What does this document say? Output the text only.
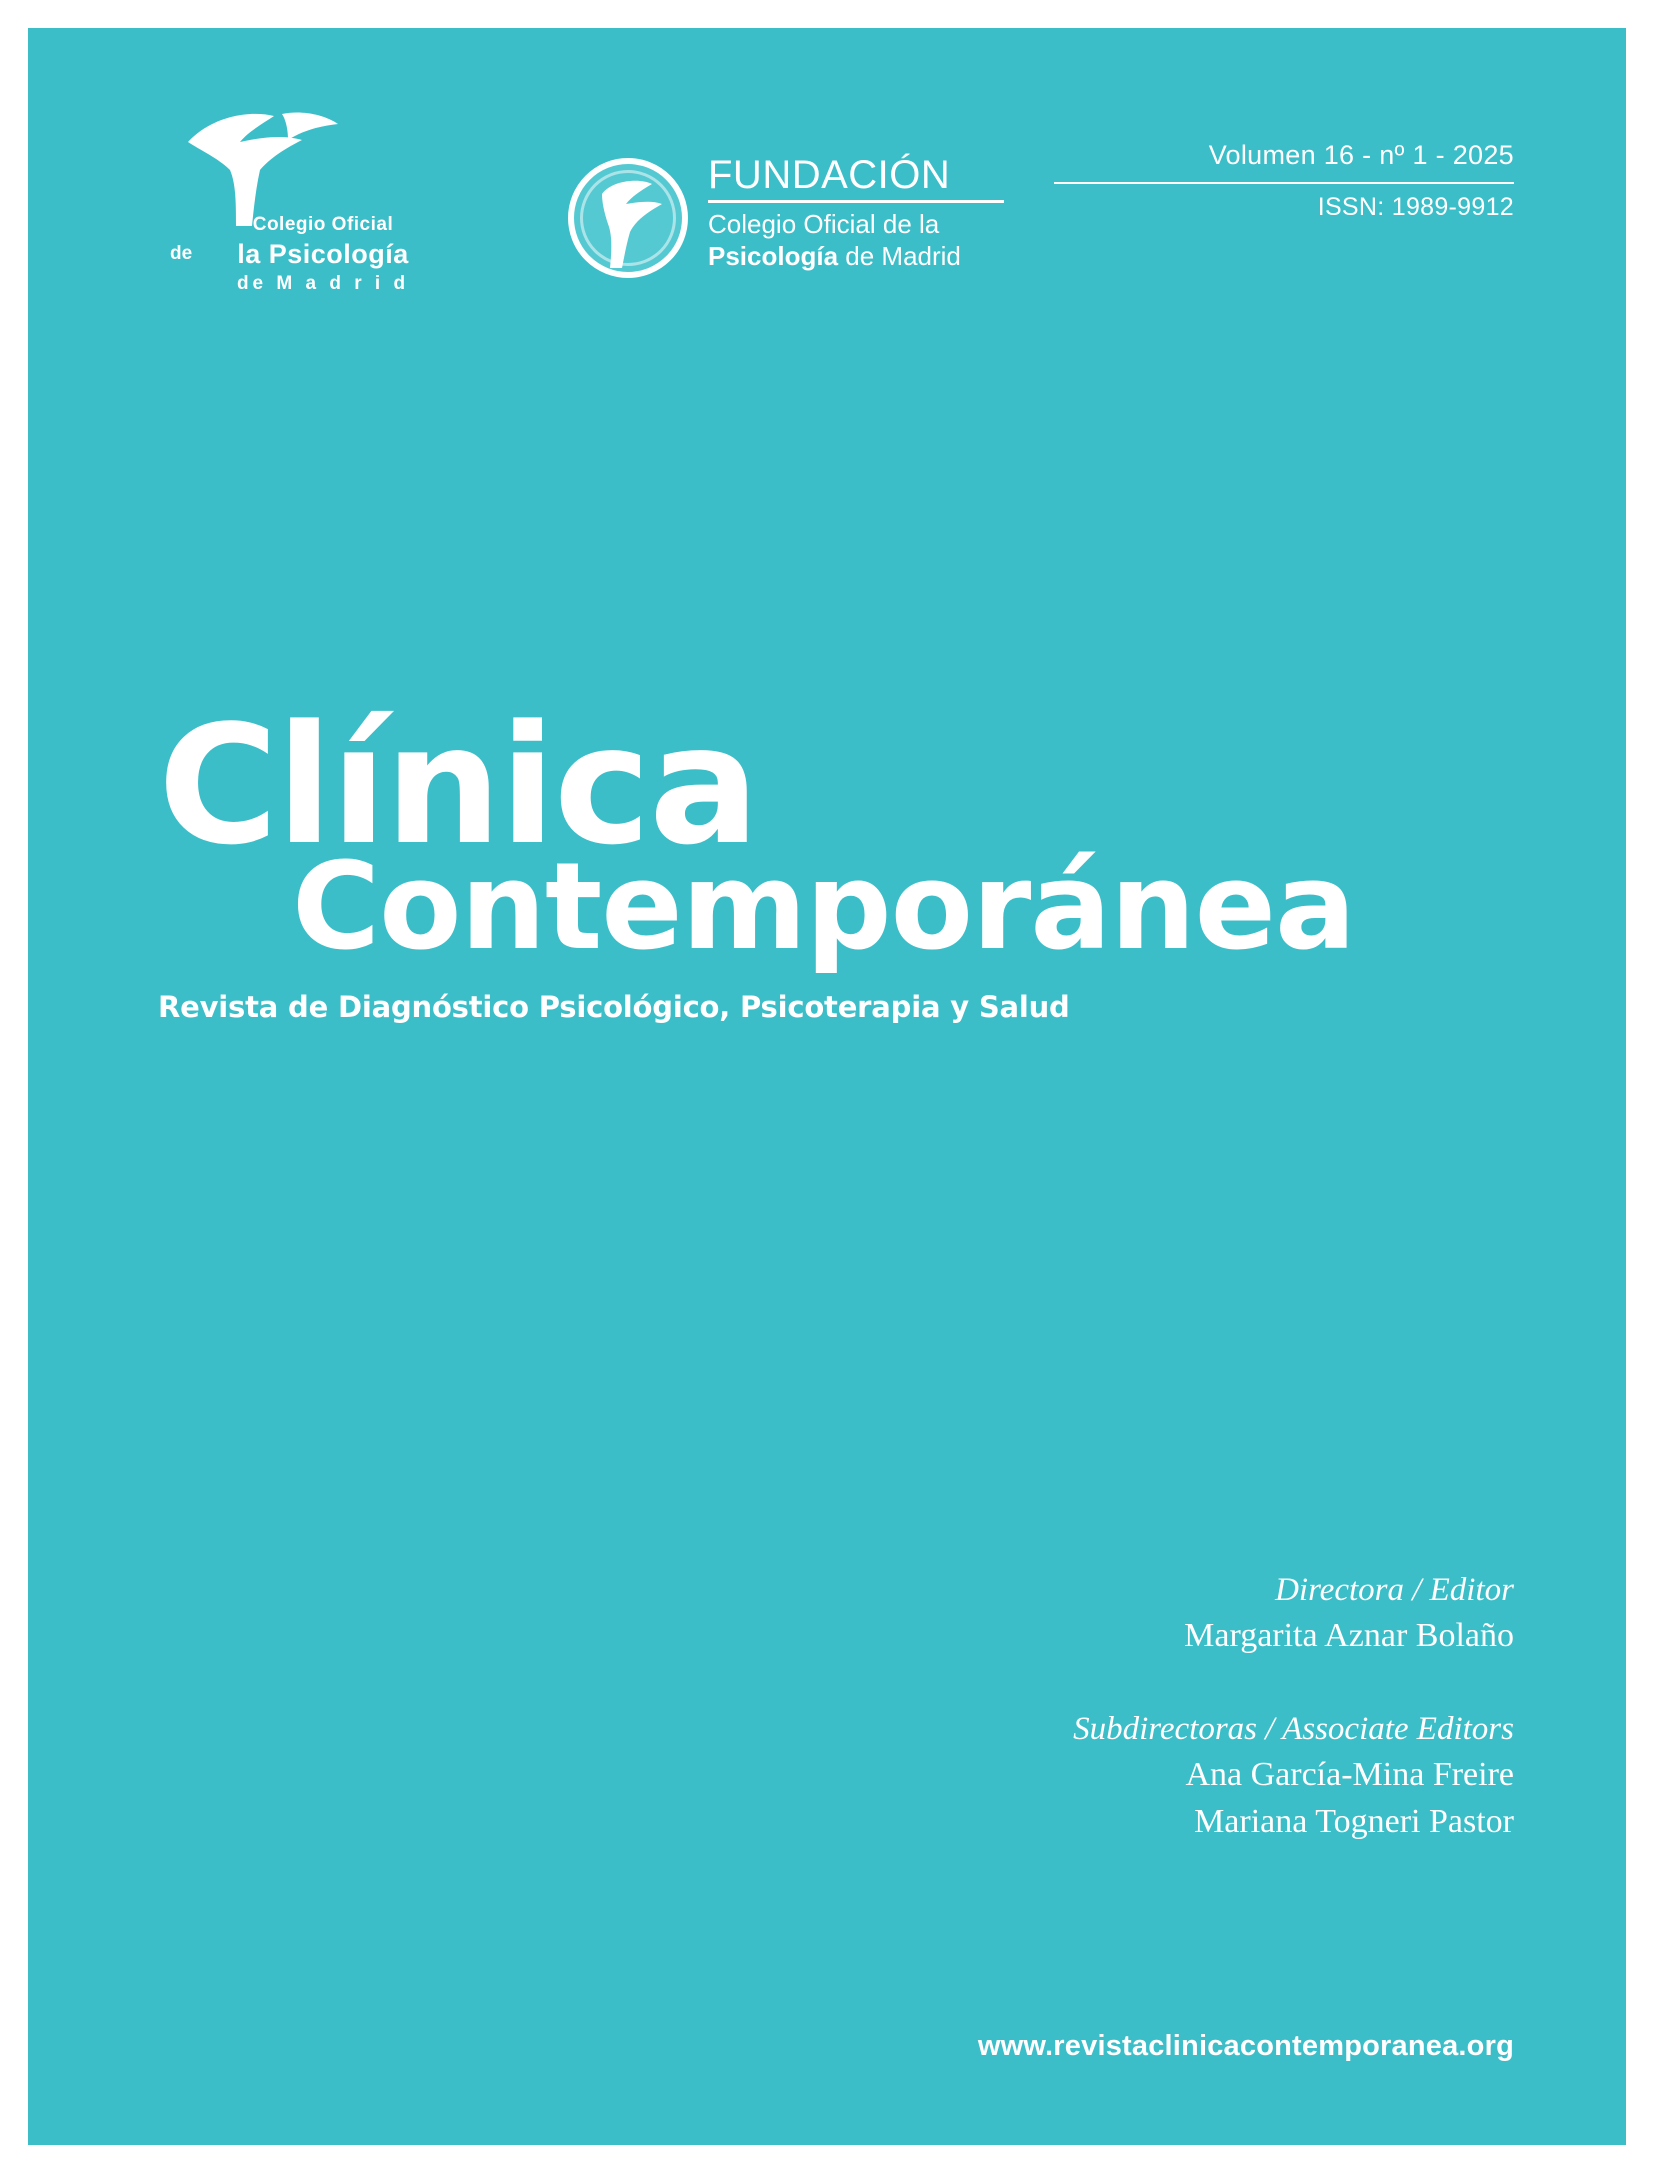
de
Colegio Oficial
la Psicología
de M a d r i d
FUNDACIÓN
Colegio Oficial de la
Psicología de Madrid
Volumen 16 - nº 1 - 2025
ISSN: 1989-9912
Clínica
Contemporánea
Revista de Diagnóstico Psicológico, Psicoterapia y Salud
Directora / Editor
Margarita Aznar Bolaño
Subdirectoras / Associate Editors
Ana García-Mina Freire
Mariana Togneri Pastor
www.revistaclinicacontemporanea.org
